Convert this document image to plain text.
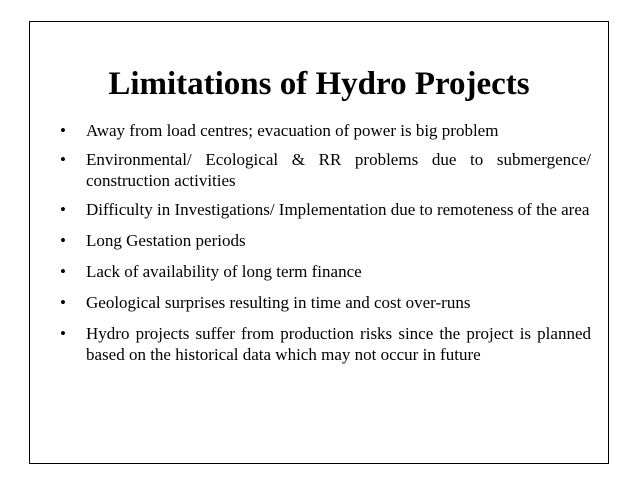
Limitations of Hydro Projects
•	Away from load centres; evacuation of power is big problem
•	Environmental/ Ecological & RR problems due to submergence/ construction activities
•	Difficulty in Investigations/ Implementation due to remoteness of the area
•	Long Gestation periods
•	Lack of availability of long term finance
•	Geological surprises resulting in time and cost over-runs
•	Hydro projects suffer from production risks since the project is planned based on the historical data which may not occur in future
